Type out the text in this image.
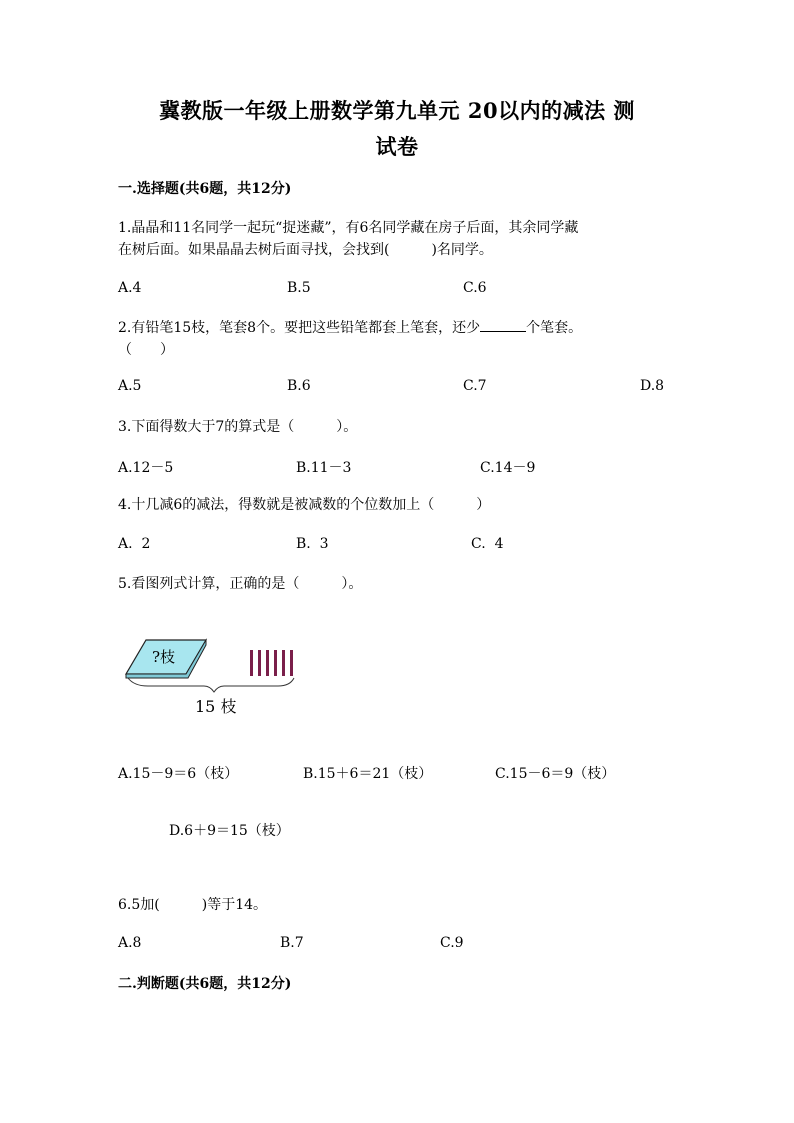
冀教版一年级上册数学第九单元 20以内的减法 测
试卷
一.选择题(共6题，共12分)
1.晶晶和11名同学一起玩“捉迷藏”，有6名同学藏在房子后面，其余同学藏
在树后面。如果晶晶去树后面寻找，会找到(　　　)名同学。
A.4	B.5	C.6
2.有铅笔15枝，笔套8个。要把这些铅笔都套上笔套，还少	个笔套。
（　　）
A.5	B.6	C.7	D.8
3.下面得数大于7的算式是（　　　）。
A.12－5	B.11－3	C.14－9
4.十几减6的减法，得数就是被减数的个位数加上（　　　）
A.  2	B.  3	C.  4
5.看图列式计算，正确的是（　　　）。
?枝
15 枝
A.15－9＝6（枝）	B.15＋6＝21（枝）	C.15－6＝9（枝）
D.6＋9＝15（枝）
6.5加(　　　)等于14。
A.8	B.7	C.9
二.判断题(共6题，共12分)
